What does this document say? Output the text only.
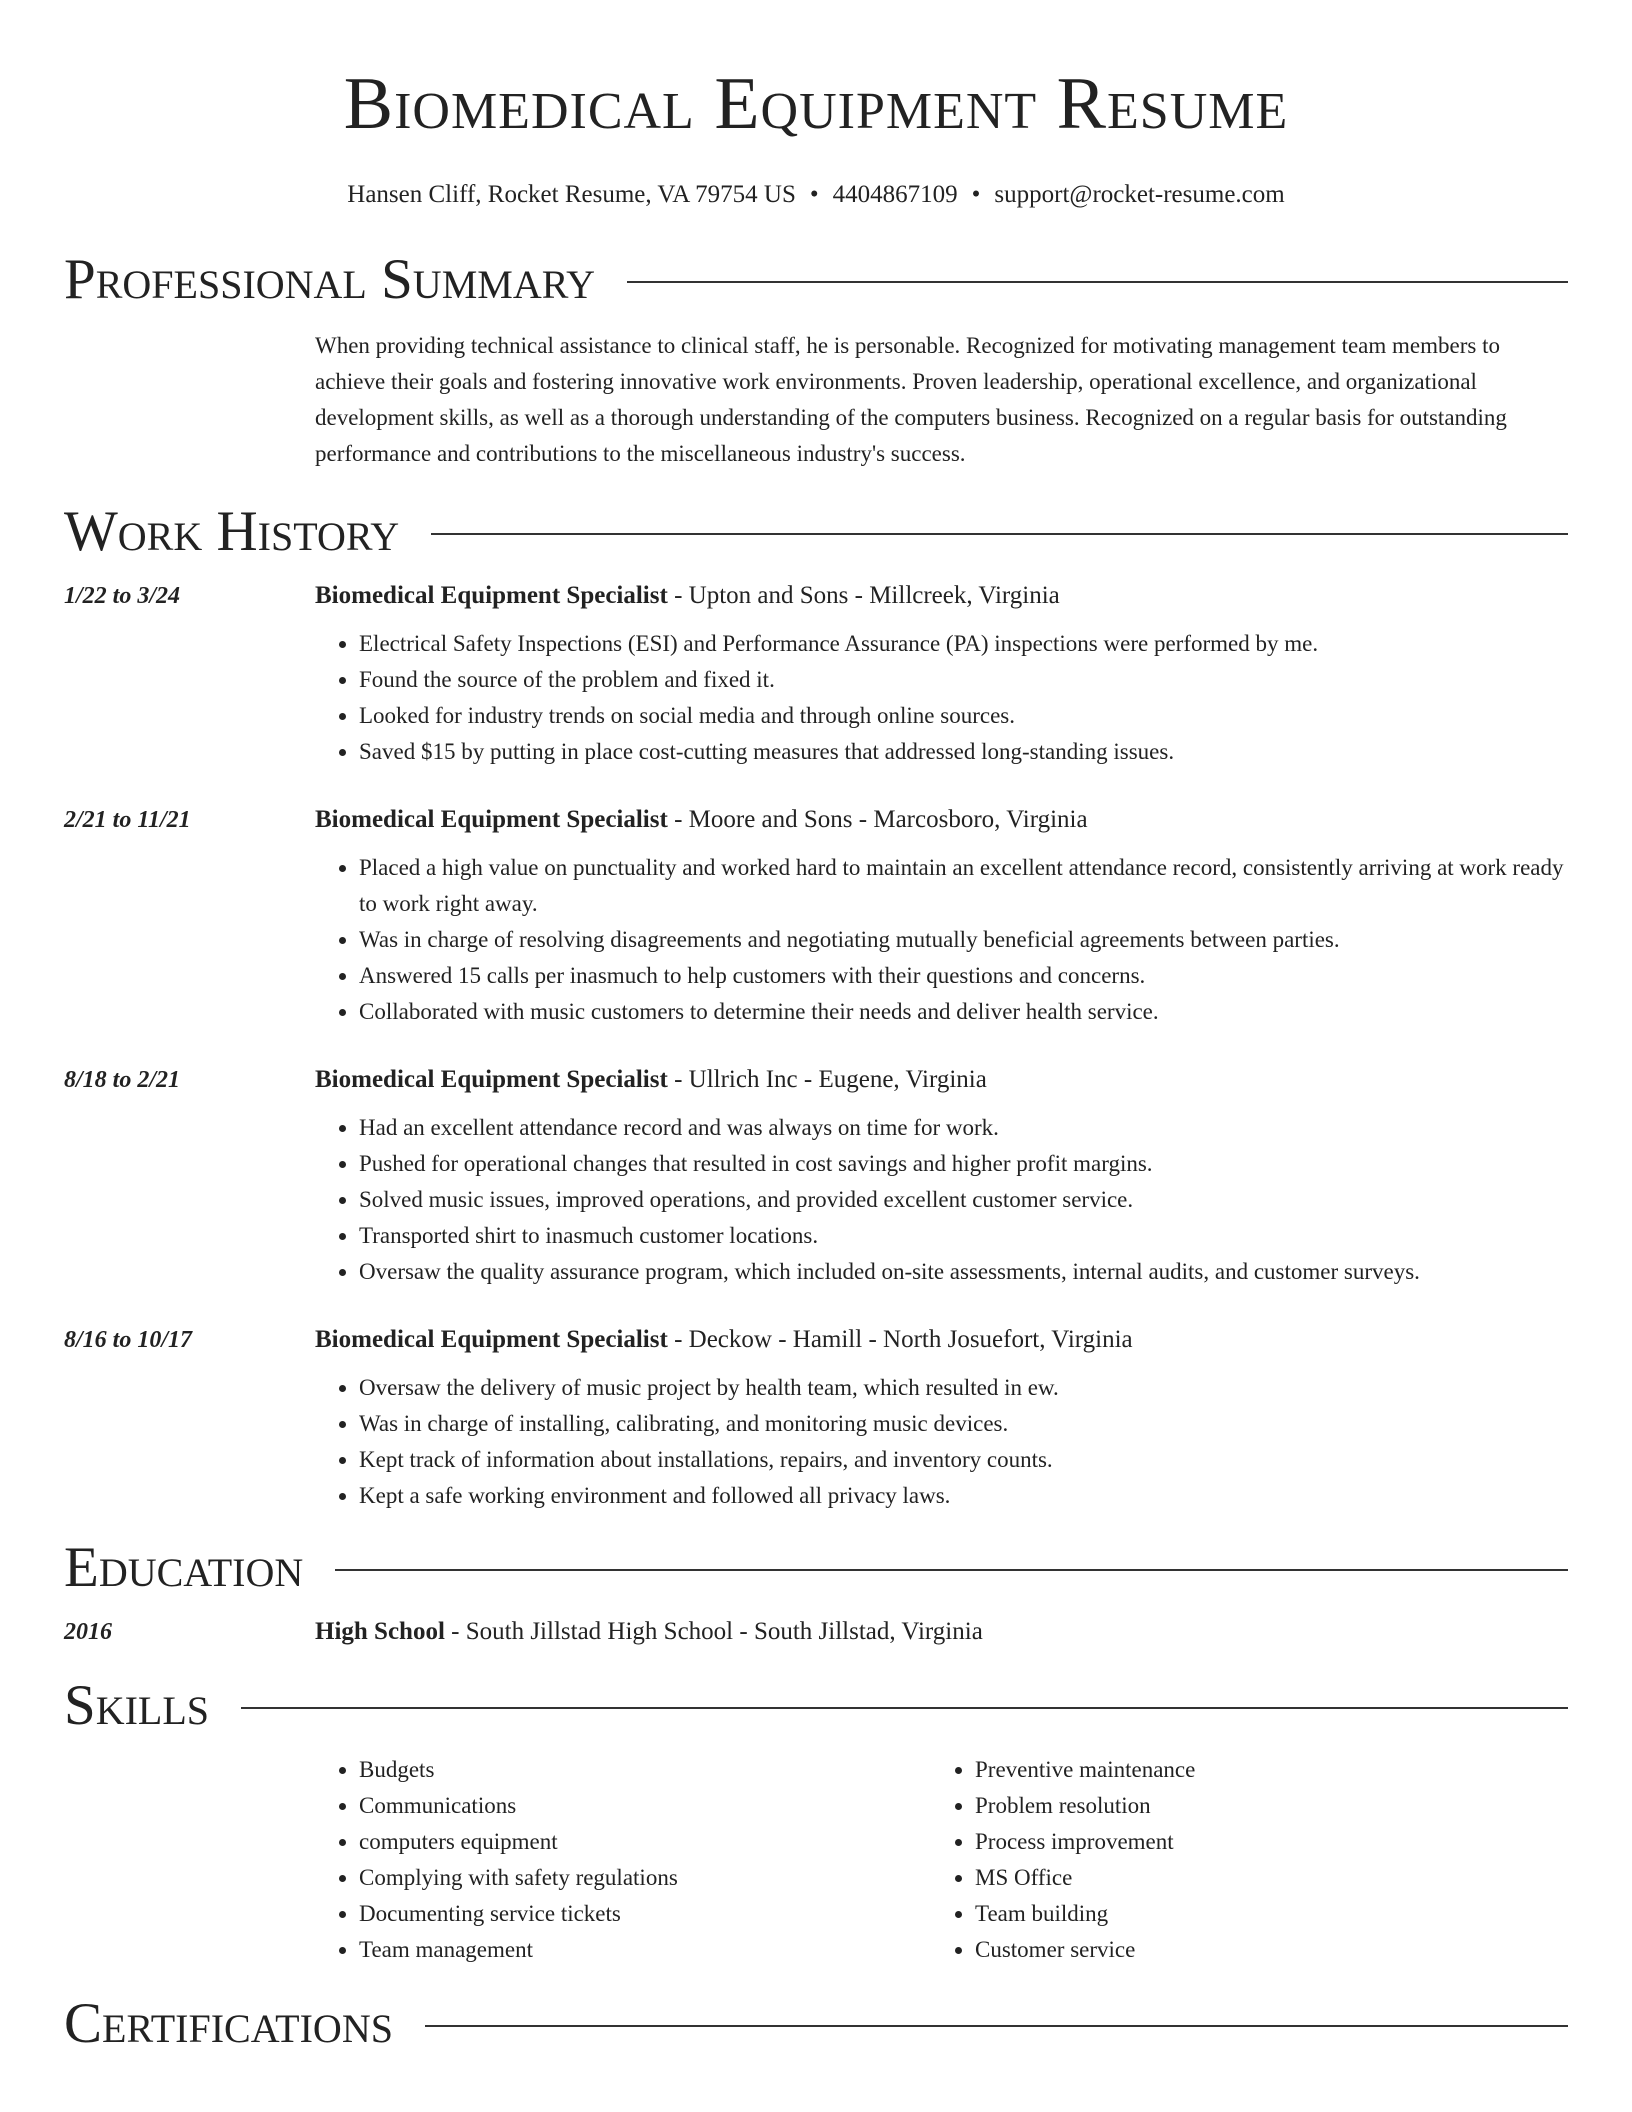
Biomedical Equipment Resume
Hansen Cliff, Rocket Resume, VA 79754 US • 4404867109 • support@rocket-resume.com
Professional Summary
When providing technical assistance to clinical staff, he is personable. Recognized for motivating management team members to achieve their goals and fostering innovative work environments. Proven leadership, operational excellence, and organizational development skills, as well as a thorough understanding of the computers business. Recognized on a regular basis for outstanding performance and contributions to the miscellaneous industry's success.
Work History
1/22 to 3/24	Biomedical Equipment Specialist - Upton and Sons - Millcreek, Virginia
• Electrical Safety Inspections (ESI) and Performance Assurance (PA) inspections were performed by me.
• Found the source of the problem and fixed it.
• Looked for industry trends on social media and through online sources.
• Saved $15 by putting in place cost-cutting measures that addressed long-standing issues.
2/21 to 11/21	Biomedical Equipment Specialist - Moore and Sons - Marcosboro, Virginia
• Placed a high value on punctuality and worked hard to maintain an excellent attendance record, consistently arriving at work ready to work right away.
• Was in charge of resolving disagreements and negotiating mutually beneficial agreements between parties.
• Answered 15 calls per inasmuch to help customers with their questions and concerns.
• Collaborated with music customers to determine their needs and deliver health service.
8/18 to 2/21	Biomedical Equipment Specialist - Ullrich Inc - Eugene, Virginia
• Had an excellent attendance record and was always on time for work.
• Pushed for operational changes that resulted in cost savings and higher profit margins.
• Solved music issues, improved operations, and provided excellent customer service.
• Transported shirt to inasmuch customer locations.
• Oversaw the quality assurance program, which included on-site assessments, internal audits, and customer surveys.
8/16 to 10/17	Biomedical Equipment Specialist - Deckow - Hamill - North Josuefort, Virginia
• Oversaw the delivery of music project by health team, which resulted in ew.
• Was in charge of installing, calibrating, and monitoring music devices.
• Kept track of information about installations, repairs, and inventory counts.
• Kept a safe working environment and followed all privacy laws.
Education
2016	High School - South Jillstad High School - South Jillstad, Virginia
Skills
• Budgets
• Communications
• computers equipment
• Complying with safety regulations
• Documenting service tickets
• Team management
• Preventive maintenance
• Problem resolution
• Process improvement
• MS Office
• Team building
• Customer service
Certifications
